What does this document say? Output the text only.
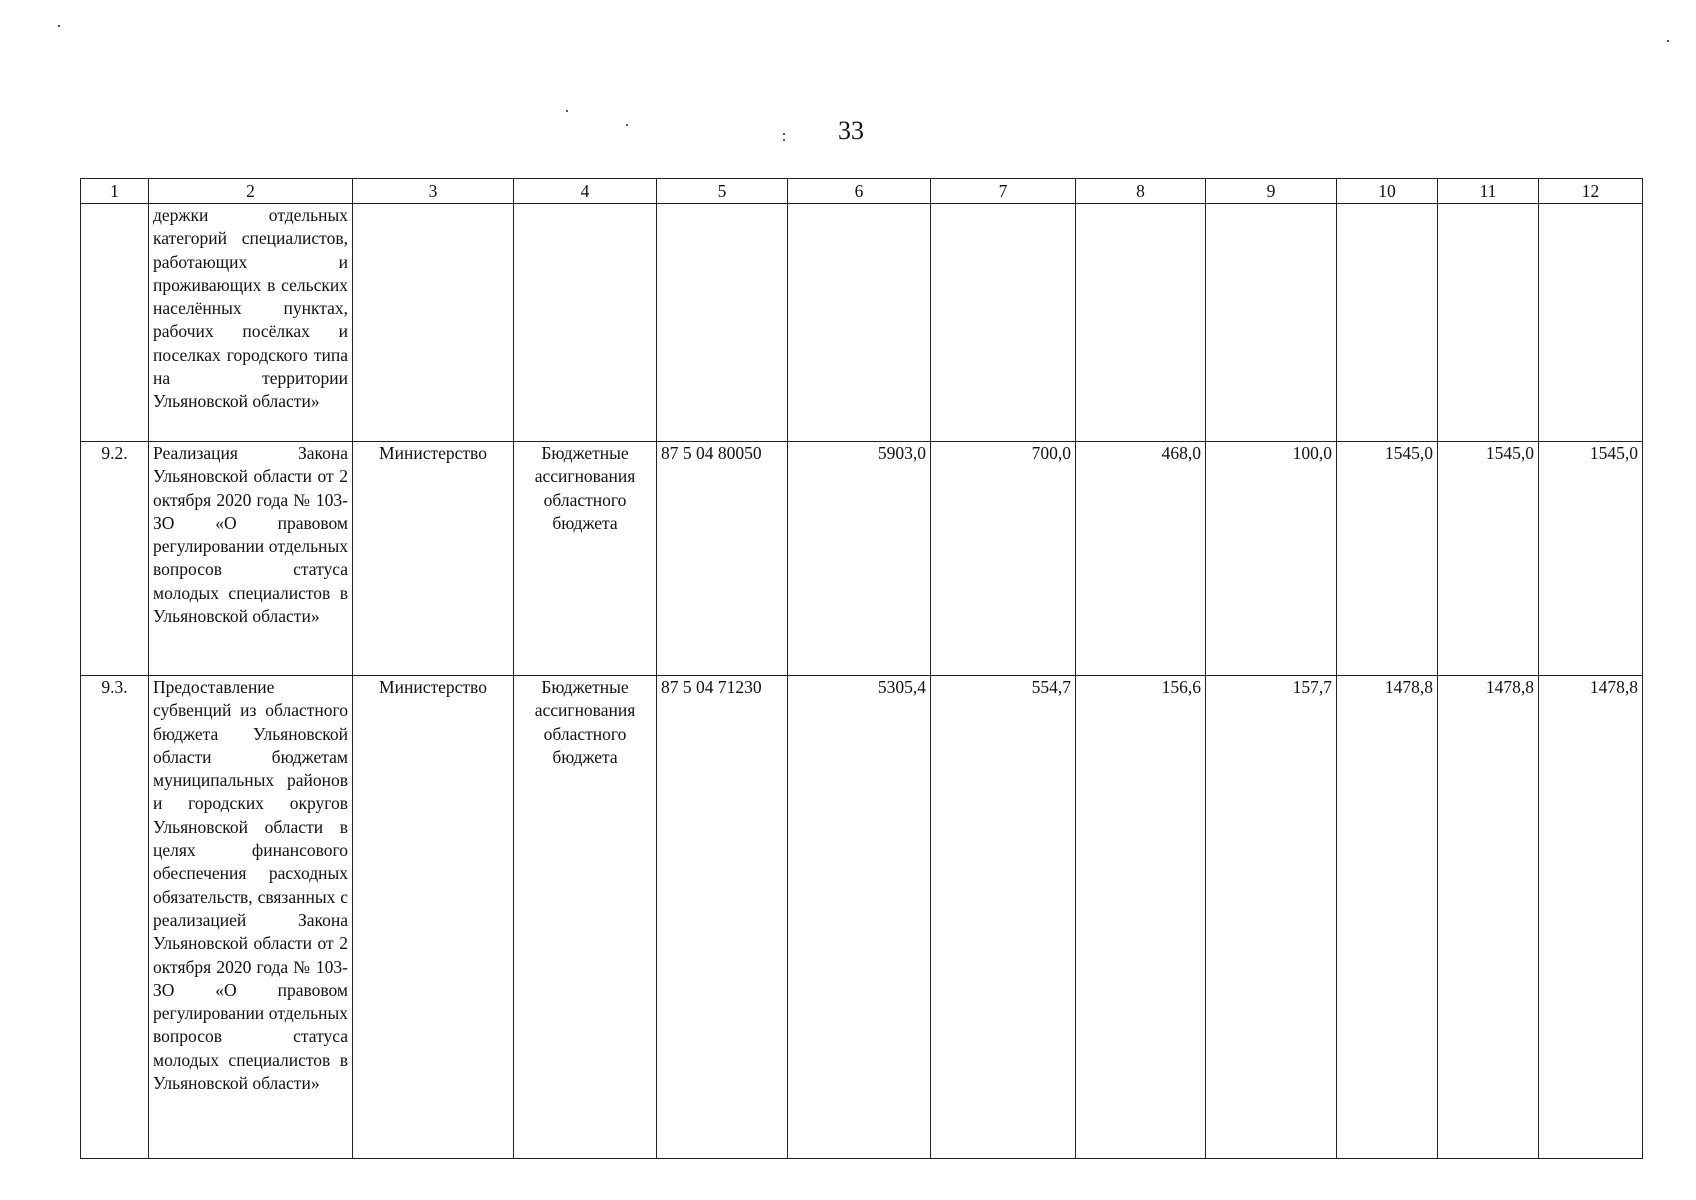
33
1	2	3	4	5	6	7	8	9	10	11	12
	держки отдельных категорий специалистов, работающих и проживающих в сельских населённых пунктах, рабочих посёлках и поселках городского типа на территории Ульяновской области»										
9.2.	Реализация Закона Ульяновской области от 2 октября 2020 года № 103-ЗО «О правовом регулировании отдельных вопросов статуса молодых специалистов в Ульяновской области»	Министерство	Бюджетные ассигнования областного бюджета	87 5 04 80050	5903,0	700,0	468,0	100,0	1545,0	1545,0	1545,0
9.3.	Предоставление субвенций из областного бюджета Ульяновской области бюджетам муниципальных районов и городских округов Ульяновской области в целях финансового обеспечения расходных обязательств, связанных с реализацией Закона Ульяновской области от 2 октября 2020 года № 103-ЗО «О правовом регулировании отдельных вопросов статуса молодых специалистов в Ульяновской области»	Министерство	Бюджетные ассигнования областного бюджета	87 5 04 71230	5305,4	554,7	156,6	157,7	1478,8	1478,8	1478,8
